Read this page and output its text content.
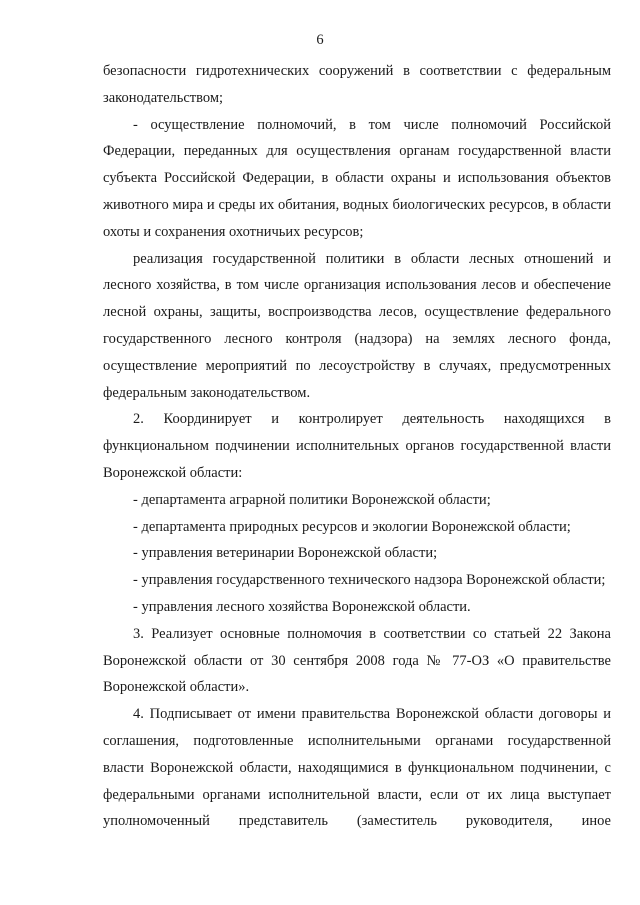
6

безопасности гидротехнических сооружений в соответствии с федеральным законодательством;

- осуществление полномочий, в том числе полномочий Российской Федерации, переданных для осуществления органам государственной власти субъекта Российской Федерации, в области охраны и использования объектов животного мира и среды их обитания, водных биологических ресурсов, в области охоты и сохранения охотничьих ресурсов;

реализация государственной политики в области лесных отношений и лесного хозяйства, в том числе организация использования лесов и обеспечение лесной охраны, защиты, воспроизводства лесов, осуществление федерального государственного лесного контроля (надзора) на землях лесного фонда, осуществление мероприятий по лесоустройству в случаях, предусмотренных федеральным законодательством.

2. Координирует и контролирует деятельность находящихся в функциональном подчинении исполнительных органов государственной власти Воронежской области:

- департамента аграрной политики Воронежской области;

- департамента природных ресурсов и экологии Воронежской области;

- управления ветеринарии Воронежской области;

- управления государственного технического надзора Воронежской области;

- управления лесного хозяйства Воронежской области.

3. Реализует основные полномочия в соответствии со статьей 22 Закона Воронежской области от 30 сентября 2008 года № 77-ОЗ «О правительстве Воронежской области».

4. Подписывает от имени правительства Воронежской области договоры и соглашения, подготовленные исполнительными органами государственной власти Воронежской области, находящимися в функциональном подчинении, с федеральными органами исполнительной власти, если от их лица выступает уполномоченный представитель (заместитель руководителя, иное
